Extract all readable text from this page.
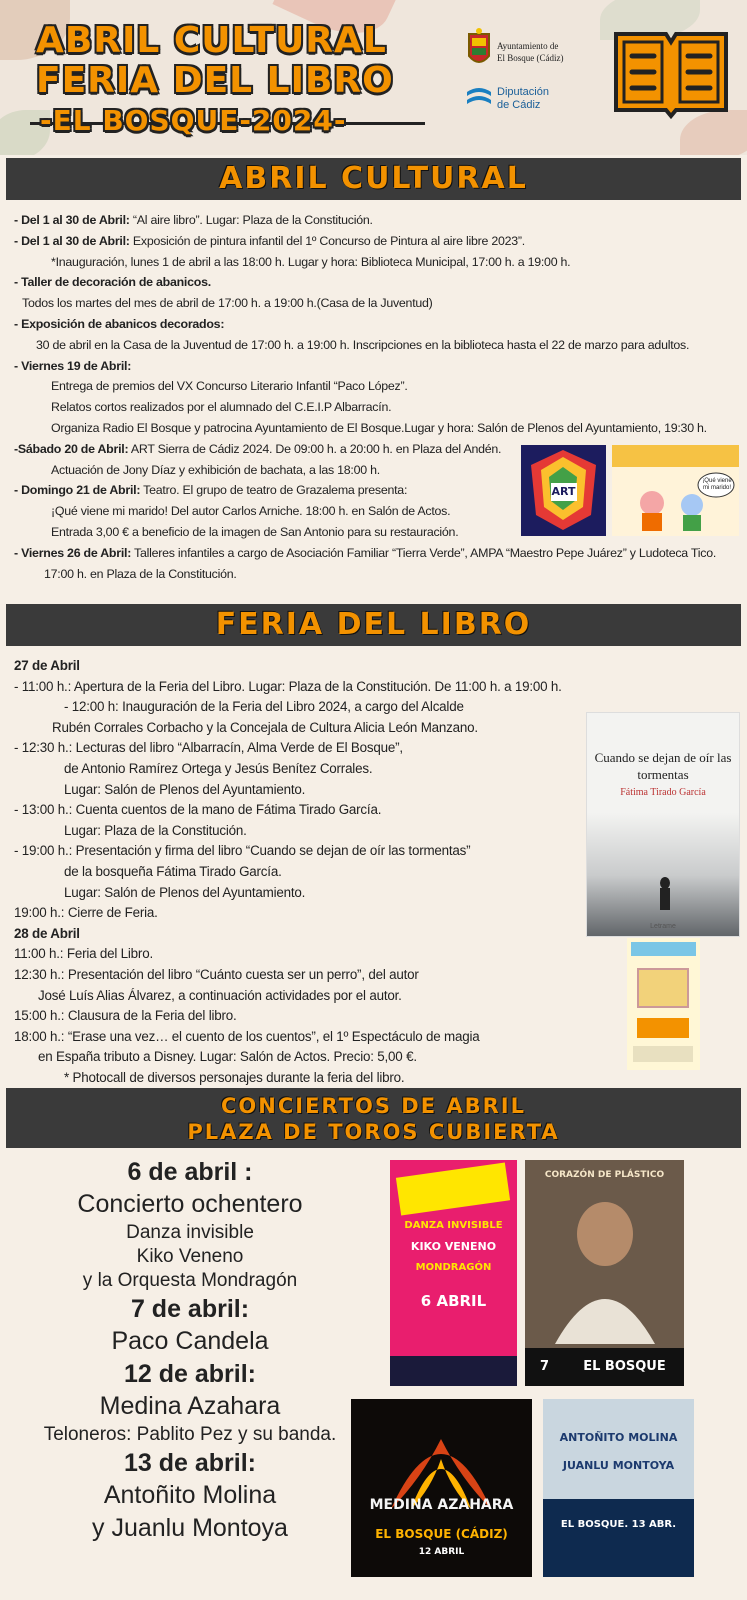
ABRIL CULTURAL
FERIA DEL LIBRO
-EL BOSQUE-2024-
Ayuntamiento de
El Bosque (Cádiz)
Diputación
de Cádiz
ABRIL CULTURAL
- Del 1 al 30 de Abril: “Al aire libro”. Lugar: Plaza de la Constitución.
- Del 1 al 30 de Abril: Exposición de pintura infantil del 1º Concurso de Pintura al aire libre 2023”.
*Inauguración, lunes 1 de abril a las 18:00 h. Lugar y hora: Biblioteca Municipal, 17:00 h. a 19:00 h.
- Taller de decoración de abanicos.
Todos los martes del mes de abril de 17:00 h. a 19:00 h.(Casa de la Juventud)
- Exposición de abanicos decorados:
30 de abril en la Casa de la Juventud de 17:00 h. a 19:00 h. Inscripciones en la biblioteca hasta el 22 de marzo para adultos.
- Viernes 19 de Abril:
Entrega de premios del VX Concurso Literario Infantil “Paco López”.
Relatos cortos realizados por el alumnado del C.E.I.P Albarracín.
Organiza Radio El Bosque y patrocina Ayuntamiento de El Bosque.Lugar y hora: Salón de Plenos del Ayuntamiento, 19:30 h.
-Sábado 20 de Abril: ART Sierra de Cádiz 2024. De 09:00 h. a 20:00 h. en Plaza del Andén.
Actuación de Jony Díaz y exhibición de bachata, a las 18:00 h.
- Domingo 21 de Abril: Teatro. El grupo de teatro de Grazalema presenta:
¡Qué viene mi marido! Del autor Carlos Arniche. 18:00 h. en Salón de Actos.
Entrada 3,00 € a beneficio de la imagen de San Antonio para su restauración.
- Viernes 26 de Abril: Talleres infantiles a cargo de Asociación Familiar “Tierra Verde”, AMPA “Maestro Pepe Juárez” y Ludoteca Tico.
17:00 h. en Plaza de la Constitución.
ART
¡Qué viene mi marido!
FERIA DEL LIBRO
27 de Abril
- 11:00 h.: Apertura de la Feria del Libro. Lugar: Plaza de la Constitución. De 11:00 h. a 19:00 h.
- 12:00 h: Inauguración de la Feria del Libro 2024, a cargo del Alcalde
Rubén Corrales Corbacho y la Concejala de Cultura Alicia León Manzano.
- 12:30 h.: Lecturas del libro “Albarracín, Alma Verde de El Bosque”,
de Antonio Ramírez Ortega y Jesús Benítez Corrales.
Lugar: Salón de Plenos del Ayuntamiento.
- 13:00 h.: Cuenta cuentos de la mano de Fátima Tirado García.
Lugar: Plaza de la Constitución.
- 19:00 h.: Presentación y firma del libro “Cuando se dejan de oír las tormentas”
de la bosqueña Fátima Tirado García.
Lugar: Salón de Plenos del Ayuntamiento.
19:00 h.: Cierre de Feria.
28 de Abril
11:00 h.: Feria del Libro.
12:30 h.: Presentación del libro “Cuánto cuesta ser un perro”, del autor
José Luís Alias Álvarez, a continuación actividades por el autor.
15:00 h.: Clausura de la Feria del libro.
18:00 h.: “Erase una vez… el cuento de los cuentos”, el 1º Espectáculo de magia
en España tributo a Disney. Lugar: Salón de Actos. Precio: 5,00 €.
* Photocall de diversos personajes durante la feria del libro.
Cuando se dejan de oír las tormentas
Fátima Tirado García
Letrame
CONCIERTOS DE ABRIL
PLAZA DE TOROS CUBIERTA
6 de abril :
Concierto ochentero
Danza invisible
Kiko Veneno
y la Orquesta Mondragón
7 de abril:
Paco Candela
12 de abril:
Medina Azahara
Teloneros: Pablito Pez y su banda.
13 de abril:
Antoñito Molina
y Juanlu Montoya
DANZA INVISIBLE
KIKO VENENO
MONDRAGÓN
6 ABRIL
CORAZÓN DE PLÁSTICO
EL BOSQUE
7
MEDINA AZAHARA
EL BOSQUE (CÁDIZ)
12 ABRIL
ANTOÑITO MOLINA
JUANLU MONTOYA
EL BOSQUE. 13 ABR.
